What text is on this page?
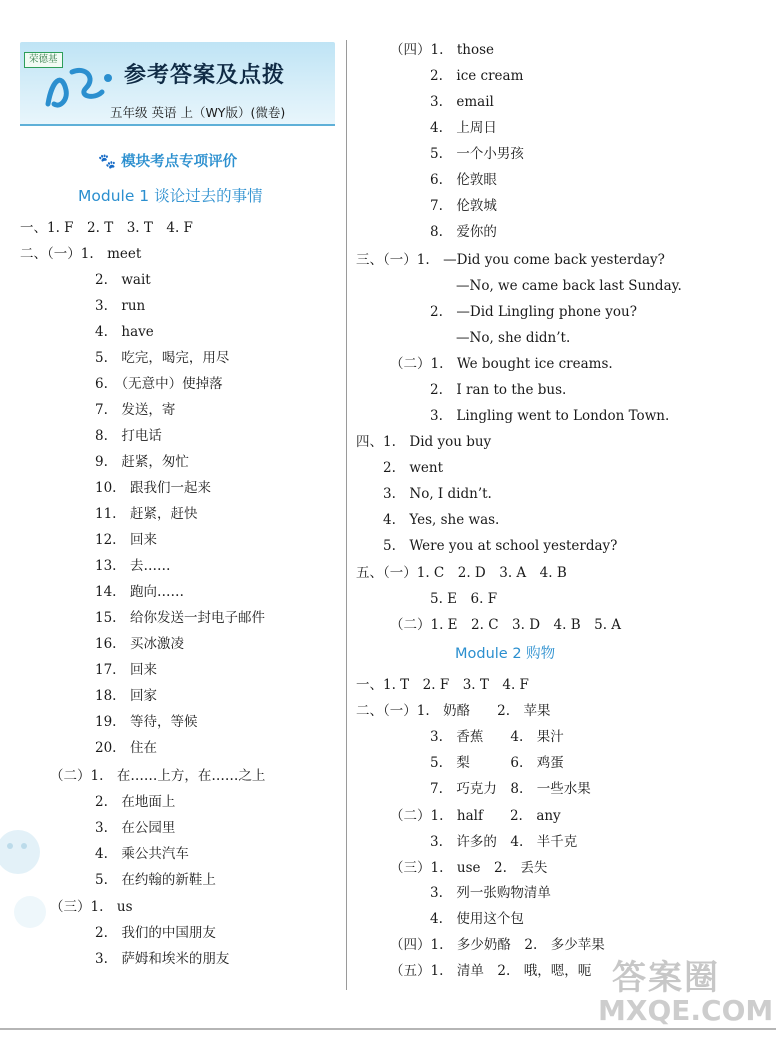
荣德基
参考答案及点拨
五年级 英语 上（WY版）(微卷)
🐾 模块考点专项评价
Module 1 谈论过去的事情
Module 2 购物
一、1. F　2. T　3. T　4. F
二、（一）1.　meet
2.　wait
3.　run
4.　have
5.　吃完，喝完，用尽
6.　（无意中）使掉落
7.　发送，寄
8.　打电话
9.　赶紧，匆忙
10.　跟我们一起来
11.　赶紧，赶快
12.　回来
13.　去……
14.　跑向……
15.　给你发送一封电子邮件
16.　买冰激凌
17.　回来
18.　回家
19.　等待，等候
20.　住在
（二）1.　在……上方，在……之上
2.　在地面上
3.　在公园里
4.　乘公共汽车
5.　在约翰的新鞋上
（三）1.　us
2.　我们的中国朋友
3.　萨姆和埃米的朋友
（四）1.　those
2.　ice cream
3.　email
4.　上周日
5.　一个小男孩
6.　伦敦眼
7.　伦敦城
8.　爱你的
三、（一）1.　—Did you come back yesterday?
—No, we came back last Sunday.
2.　—Did Lingling phone you?
—No, she didn’t.
（二）1.　We bought ice creams.
2.　I ran to the bus.
3.　Lingling went to London Town.
四、1.　Did you buy
2.　went
3.　No, I didn’t.
4.　Yes, she was.
5.　Were you at school yesterday?
五、（一）1. C　2. D　3. A　4. B
5. E　6. F
（二）1. E　2. C　3. D　4. B　5. A
一、1. T　2. F　3. T　4. F
二、（一）1.　奶酪　　2.　苹果
3.　香蕉　　4.　果汁
5.　梨　　　6.　鸡蛋
7.　巧克力　8.　一些水果
（二）1.　half　　2.　any
3.　许多的　4.　半千克
（三）1.　use　2.　丢失
3.　列一张购物清单
4.　使用这个包
（四）1.　多少奶酪　2.　多少苹果
（五）1.　清单　2.　哦，嗯，呃 答案圈
MXQE.COM
